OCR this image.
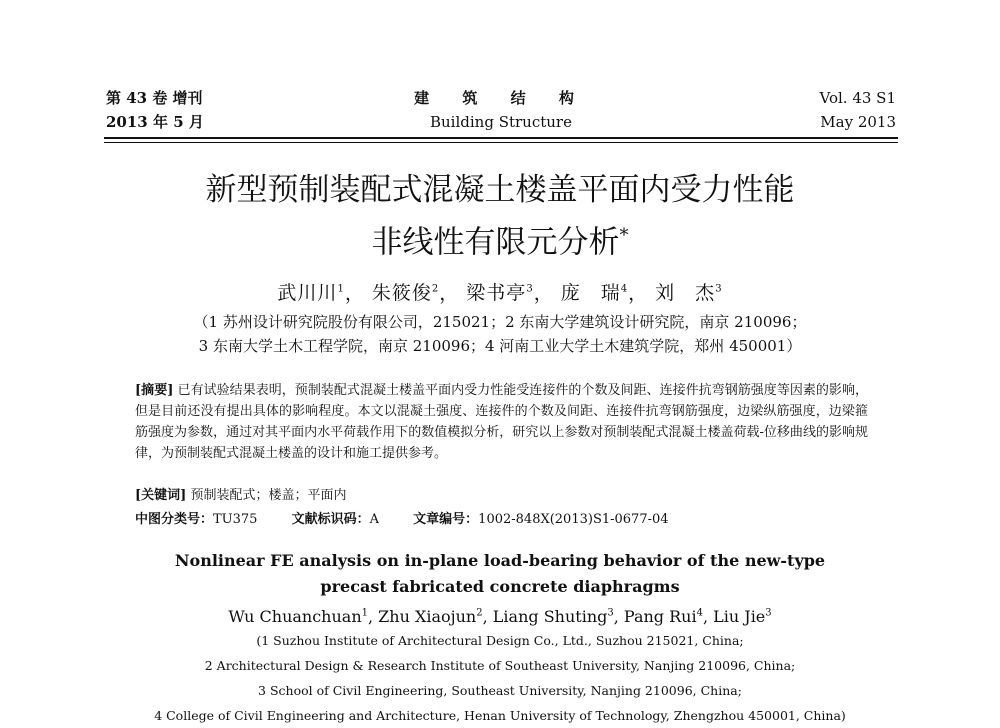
第 43 卷 增刊
2013 年 5 月
建 筑 结 构
Building Structure
Vol. 43 S1
May 2013
新型预制装配式混凝土楼盖平面内受力性能
非线性有限元分析*
武川川$^1$， 朱筱俊$^2$， 梁书亭$^3$， 庞　瑞$^4$， 刘　杰$^3$
（1 苏州设计研究院股份有限公司，215021；2 东南大学建筑设计研究院，南京 210096；
3 东南大学土木工程学院，南京 210096；4 河南工业大学土木建筑学院，郑州 450001）
[摘要] 已有试验结果表明，预制装配式混凝土楼盖平面内受力性能受连接件的个数及间距、连接件抗弯钢筋强度等因素的影响，但是目前还没有提出具体的影响程度。本文以混凝土强度、连接件的个数及间距、连接件抗弯钢筋强度，边梁纵筋强度，边梁箍筋强度为参数，通过对其平面内水平荷载作用下的数值模拟分析，研究以上参数对预制装配式混凝土楼盖荷载-位移曲线的影响规律，为预制装配式混凝土楼盖的设计和施工提供参考。
[关键词] 预制装配式；楼盖；平面内
中图分类号：TU375	文献标识码：A	文章编号：1002-848X(2013)S1-0677-04
Nonlinear FE analysis on in-plane load-bearing behavior of the new-type
precast fabricated concrete diaphragms
Wu Chuanchuan$^1$, Zhu Xiaojun$^2$, Liang Shuting$^3$, Pang Rui$^4$, Liu Jie$^3$
(1 Suzhou Institute of Architectural Design Co., Ltd., Suzhou 215021, China;
2 Architectural Design & Research Institute of Southeast University, Nanjing 210096, China;
3 School of Civil Engineering, Southeast University, Nanjing 210096, China;
4 College of Civil Engineering and Architecture, Henan University of Technology, Zhengzhou 450001, China)
